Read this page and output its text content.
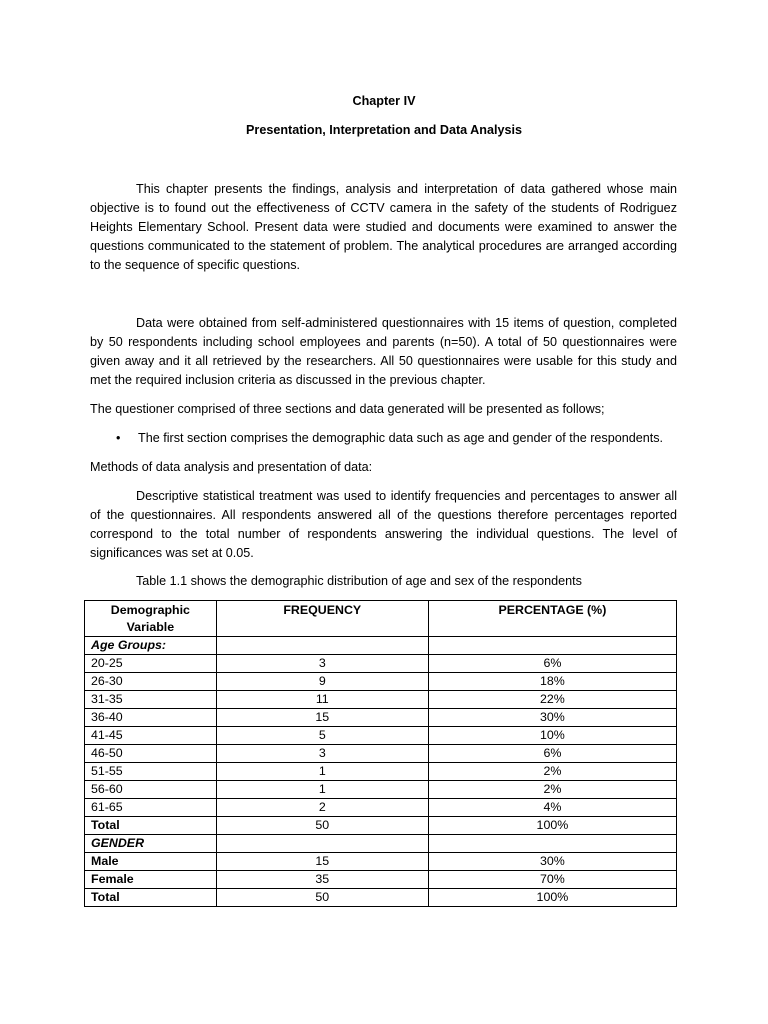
Chapter IV
Presentation, Interpretation and Data Analysis

This chapter presents the findings, analysis and interpretation of data gathered whose main objective is to found out the effectiveness of CCTV camera in the safety of the students of Rodriguez Heights Elementary School. Present data were studied and documents were examined to answer the questions communicated to the statement of problem. The analytical procedures are arranged according to the sequence of specific questions.

Data were obtained from self-administered questionnaires with 15 items of question, completed by 50 respondents including school employees and parents (n=50). A total of 50 questionnaires were given away and it all retrieved by the researchers. All 50 questionnaires were usable for this study and met the required inclusion criteria as discussed in the previous chapter.

The questioner comprised of three sections and data generated will be presented as follows;

• The first section comprises the demographic data such as age and gender of the respondents.

Methods of data analysis and presentation of data:

Descriptive statistical treatment was used to identify frequencies and percentages to answer all of the questionnaires. All respondents answered all of the questions therefore percentages reported correspond to the total number of respondents answering the individual questions. The level of significances was set at 0.05.

Table 1.1 shows the demographic distribution of age and sex of the respondents
Demographic Variable	FREQUENCY	PERCENTAGE (%)
Age Groups:		
20-25	3	6%
26-30	9	18%
31-35	11	22%
36-40	15	30%
41-45	5	10%
46-50	3	6%
51-55	1	2%
56-60	1	2%
61-65	2	4%
Total	50	100%
GENDER		
Male	15	30%
Female	35	70%
Total	50	100%
